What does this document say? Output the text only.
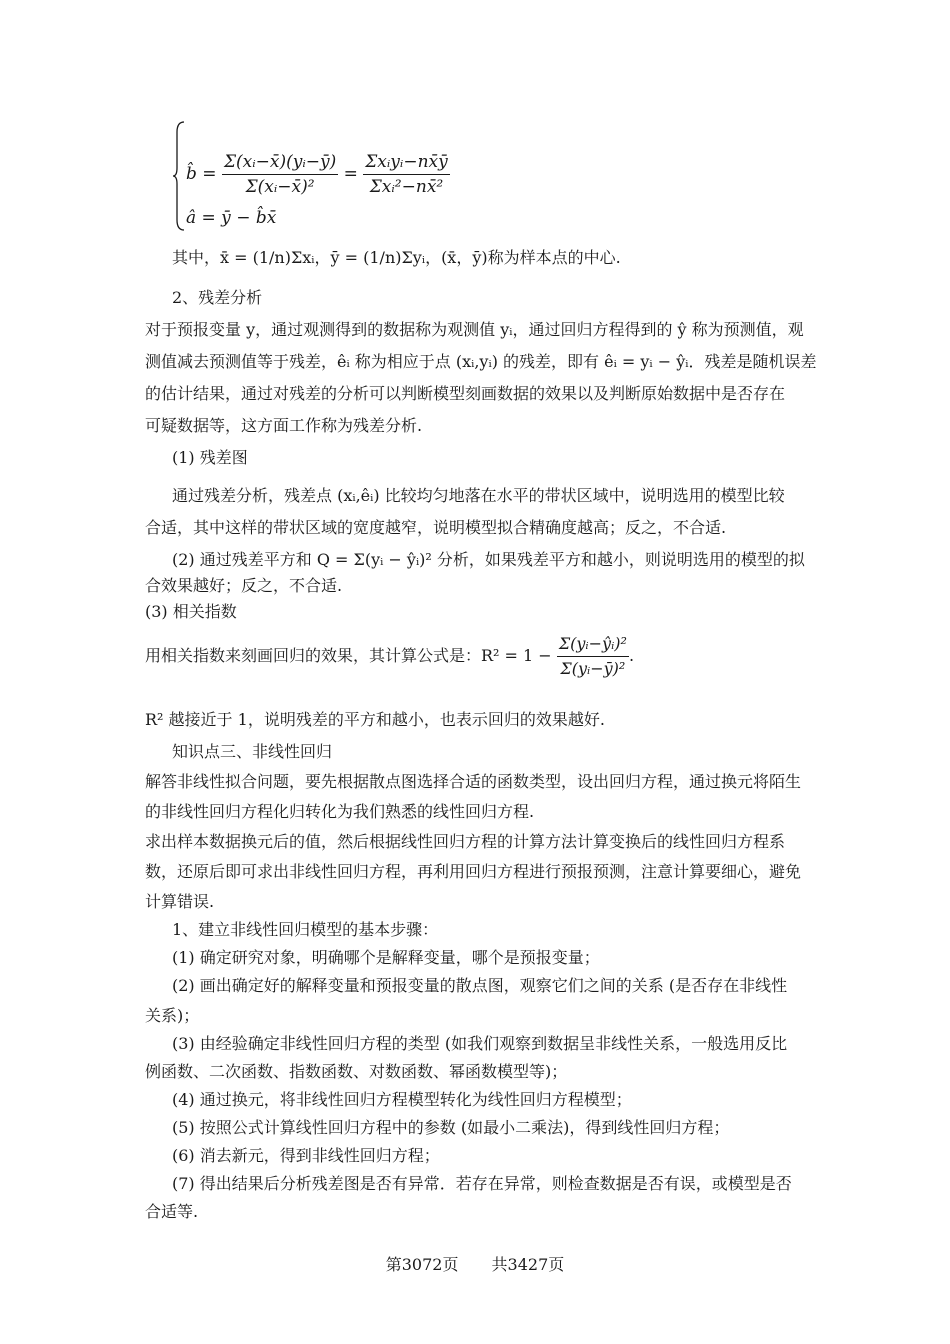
b̂ = $\frac{\text{Σ(xᵢ−x̄)(yᵢ−ȳ)}}{\text{Σ(xᵢ−x̄)²}} = \frac{\text{Σxᵢyᵢ−nx̄ȳ}}{\text{Σxᵢ²−nx̄²}}$
â = ȳ − b̂x̄
其中，x̄ = (1/n)Σxᵢ，ȳ = (1/n)Σyᵢ，(x̄，ȳ)称为样本点的中心.
2、残差分析
对于预报变量 y，通过观测得到的数据称为观测值 yᵢ，通过回归方程得到的 ŷ 称为预测值，观
测值减去预测值等于残差，êᵢ 称为相应于点 (xᵢ,yᵢ) 的残差，即有 êᵢ = yᵢ − ŷᵢ．残差是随机误差
的估计结果，通过对残差的分析可以判断模型刻画数据的效果以及判断原始数据中是否存在
可疑数据等，这方面工作称为残差分析.
(1) 残差图
通过残差分析，残差点 (xᵢ,êᵢ) 比较均匀地落在水平的带状区域中，说明选用的模型比较
合适，其中这样的带状区域的宽度越窄，说明模型拟合精确度越高；反之，不合适.
(2) 通过残差平方和 Q = Σ(yᵢ − ŷᵢ)² 分析，如果残差平方和越小，则说明选用的模型的拟
合效果越好；反之，不合适.
(3) 相关指数
用相关指数来刻画回归的效果，其计算公式是：$R^2 = 1 - \frac{\text{Σ(yᵢ−ŷᵢ)²}}{\text{Σ(yᵢ−ȳ)²}}$ .
R² 越接近于 1，说明残差的平方和越小，也表示回归的效果越好.
知识点三、非线性回归
解答非线性拟合问题，要先根据散点图选择合适的函数类型，设出回归方程，通过换元将陌生
的非线性回归方程化归转化为我们熟悉的线性回归方程.
求出样本数据换元后的值，然后根据线性回归方程的计算方法计算变换后的线性回归方程系
数，还原后即可求出非线性回归方程，再利用回归方程进行预报预测，注意计算要细心，避免
计算错误.
1、建立非线性回归模型的基本步骤：
(1) 确定研究对象，明确哪个是解释变量，哪个是预报变量；
(2) 画出确定好的解释变量和预报变量的散点图，观察它们之间的关系 (是否存在非线性
关系)；
(3) 由经验确定非线性回归方程的类型 (如我们观察到数据呈非线性关系，一般选用反比
例函数、二次函数、指数函数、对数函数、幂函数模型等)；
(4) 通过换元，将非线性回归方程模型转化为线性回归方程模型；
(5) 按照公式计算线性回归方程中的参数 (如最小二乘法)，得到线性回归方程；
(6) 消去新元，得到非线性回归方程；
(7) 得出结果后分析残差图是否有异常．若存在异常，则检查数据是否有误，或模型是否
合适等.
第3072页 共3427页
